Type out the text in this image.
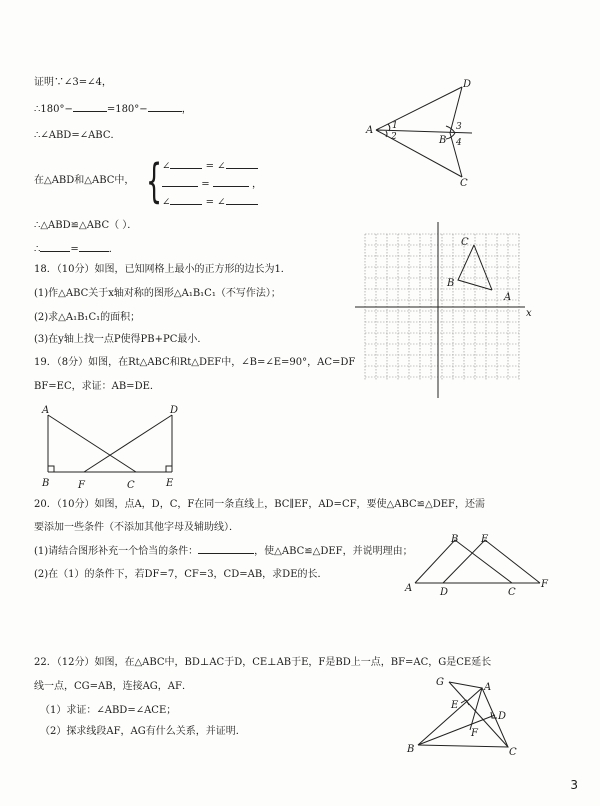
证明∵∠3=∠4，
∴180°−	=180°−	，
∴∠ABD=∠ABC．
在△ABD和△ABC中， { ∠	= ∠
=	，
∠	= ∠
∴△ABD≌△ABC（ ）．
∴	=	．
A
D
B
C
1
2
3
4
18．（10分）如图，已知网格上最小的正方形的边长为1．
(1)作△ABC关于x轴对称的图形△A₁B₁C₁（不写作法）；
(2)求△A₁B₁C₁的面积；
(3)在y轴上找一点P使得PB+PC最小．
C
B
A
x
19．（8分）如图，在Rt△ABC和Rt△DEF中，∠B=∠E=90°，AC=DF
BF=EC，求证：AB=DE．
A	D
B	F	C	E
20．（10分）如图，点A，D，C，F在同一条直线上，BC∥EF，AD=CF，要使△ABC≌△DEF，还需
要添加一些条件（不添加其他字母及辅助线）．
(1)请结合图形补充一个恰当的条件：	，使△ABC≌△DEF，并说明理由；
(2)在（1）的条件下，若DF=7，CF=3，CD=AB，求DE的长．
A
B E
D	C
F
22．（12分）如图，在△ABC中，BD⊥AC于D，CE⊥AB于E，F是BD上一点，BF=AC，G是CE延长
线一点，CG=AB，连接AG，AF．
（1）求证：∠ABD=∠ACE；
（2）探求线段AF，AG有什么关系，并证明．
G	A
E
D
F
B	C
3
